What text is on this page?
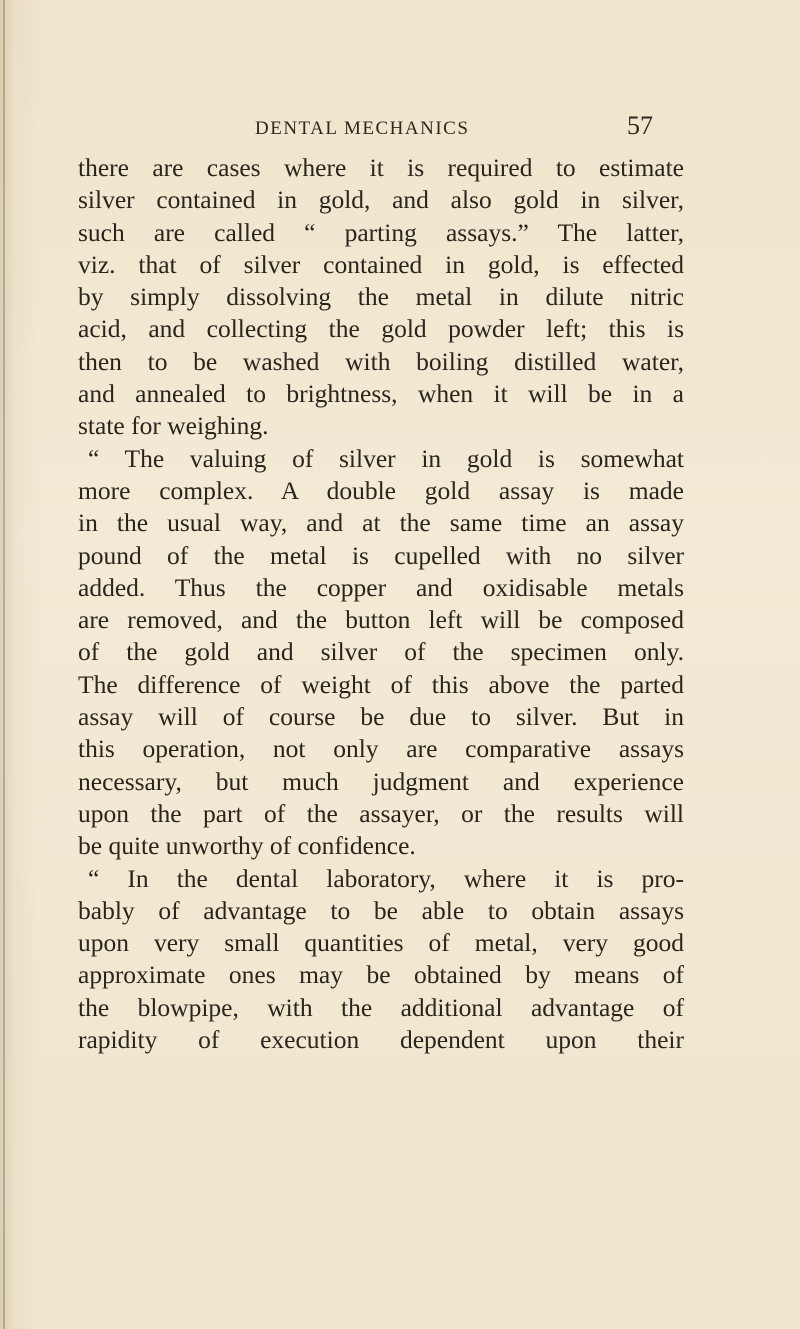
DENTAL MECHANICS	57
there are cases where it is required to estimate
silver contained in gold, and also gold in silver,
such are called “ parting assays.” The latter,
viz. that of silver contained in gold, is effected
by simply dissolving the metal in dilute nitric
acid, and collecting the gold powder left; this is
then to be washed with boiling distilled water,
and annealed to brightness, when it will be in a
state for weighing.
“ The valuing of silver in gold is somewhat
more complex. A double gold assay is made
in the usual way, and at the same time an assay
pound of the metal is cupelled with no silver
added. Thus the copper and oxidisable metals
are removed, and the button left will be composed
of the gold and silver of the specimen only.
The difference of weight of this above the parted
assay will of course be due to silver. But in
this operation, not only are comparative assays
necessary, but much judgment and experience
upon the part of the assayer, or the results will
be quite unworthy of confidence.
“ In the dental laboratory, where it is pro-
bably of advantage to be able to obtain assays
upon very small quantities of metal, very good
approximate ones may be obtained by means of
the blowpipe, with the additional advantage of
rapidity of execution dependent upon their
